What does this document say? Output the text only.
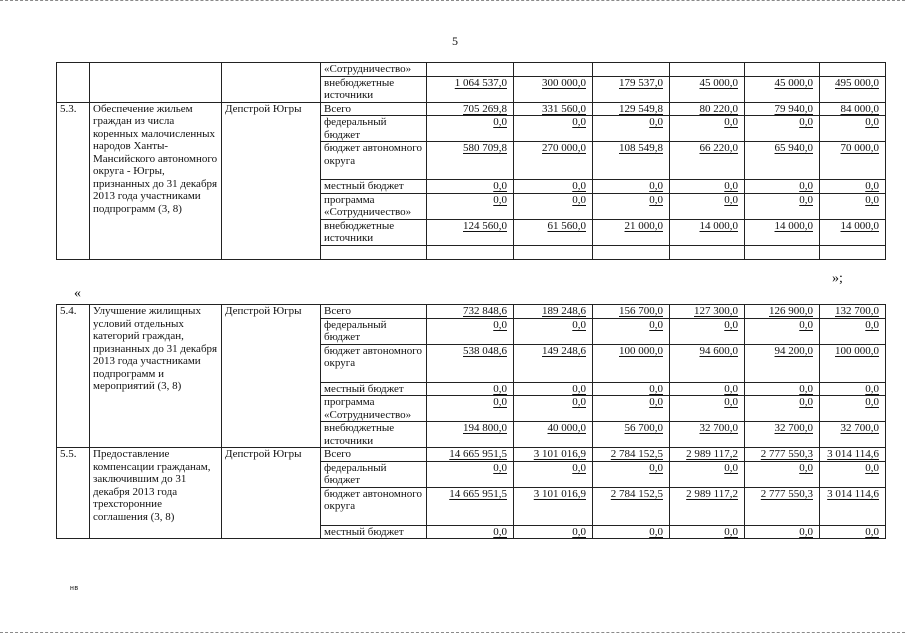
5
			«Сотрудничество»						
			внебюджетные источники	1 064 537,0	300 000,0	179 537,0	45 000,0	45 000,0	495 000,0
5.3.	Обеспечение жильем граждан из числа коренных малочисленных народов Ханты-Мансийского автономного округа - Югры, признанных до 31 декабря 2013 года участниками подпрограмм (3, 8)	Депстрой Югры	Всего	705 269,8	331 560,0	129 549,8	80 220,0	79 940,0	84 000,0
			федеральный бюджет	0,0	0,0	0,0	0,0	0,0	0,0
			бюджет автономного округа	580 709,8	270 000,0	108 549,8	66 220,0	65 940,0	70 000,0
			местный бюджет	0,0	0,0	0,0	0,0	0,0	0,0
			программа «Сотрудничество»	0,0	0,0	0,0	0,0	0,0	0,0
			внебюджетные источники	124 560,0	61 560,0	21 000,0	14 000,0	14 000,0	14 000,0

»;
«
5.4.	Улучшение жилищных условий отдельных категорий граждан, признанных до 31 декабря 2013 года участниками подпрограмм и мероприятий (3, 8)	Депстрой Югры	Всего	732 848,6	189 248,6	156 700,0	127 300,0	126 900,0	132 700,0
			федеральный бюджет	0,0	0,0	0,0	0,0	0,0	0,0
			бюджет автономного округа	538 048,6	149 248,6	100 000,0	94 600,0	94 200,0	100 000,0
			местный бюджет	0,0	0,0	0,0	0,0	0,0	0,0
			программа «Сотрудничество»	0,0	0,0	0,0	0,0	0,0	0,0
			внебюджетные источники	194 800,0	40 000,0	56 700,0	32 700,0	32 700,0	32 700,0
5.5.	Предоставление компенсации гражданам, заключившим до 31 декабря 2013 года трехсторонние соглашения (3, 8)	Депстрой Югры	Всего	14 665 951,5	3 101 016,9	2 784 152,5	2 989 117,2	2 777 550,3	3 014 114,6
			федеральный бюджет	0,0	0,0	0,0	0,0	0,0	0,0
			бюджет автономного округа	14 665 951,5	3 101 016,9	2 784 152,5	2 989 117,2	2 777 550,3	3 014 114,6
			местный бюджет	0,0	0,0	0,0	0,0	0,0	0,0
нв
